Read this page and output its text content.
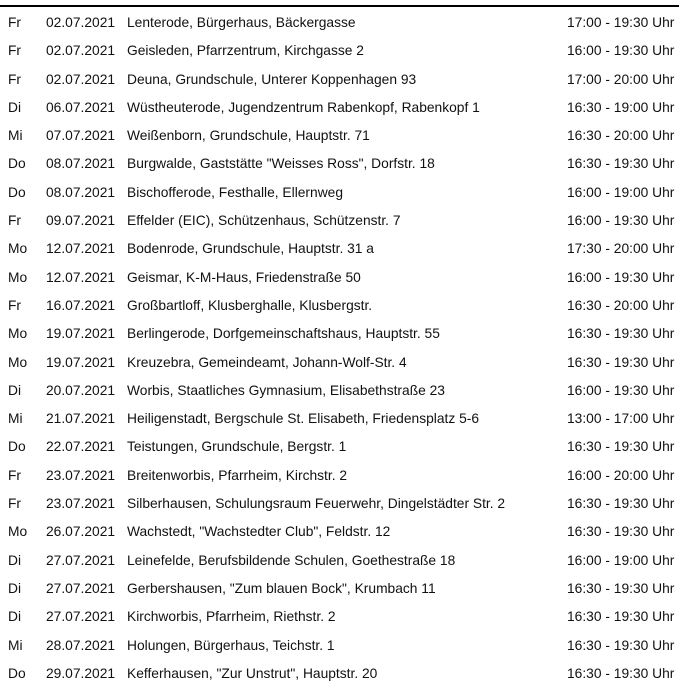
Fr 02.07.2021 Lenterode, Bürgerhaus, Bäckergasse	17:00 - 19:30 Uhr
Fr 02.07.2021 Geisleden, Pfarrzentrum, Kirchgasse 2	16:00 - 19:30 Uhr
Fr 02.07.2021 Deuna, Grundschule, Unterer Koppenhagen 93	17:00 - 20:00 Uhr
Di 06.07.2021 Wüstheuterode, Jugendzentrum Rabenkopf, Rabenkopf 1	16:30 - 19:00 Uhr
Mi 07.07.2021 Weißenborn, Grundschule, Hauptstr. 71	16:30 - 20:00 Uhr
Do 08.07.2021 Burgwalde, Gaststätte "Weisses Ross", Dorfstr. 18	16:30 - 19:30 Uhr
Do 08.07.2021 Bischofferode, Festhalle, Ellernweg	16:00 - 19:00 Uhr
Fr 09.07.2021 Effelder (EIC), Schützenhaus, Schützenstr. 7	16:00 - 19:30 Uhr
Mo 12.07.2021 Bodenrode, Grundschule, Hauptstr. 31 a	17:30 - 20:00 Uhr
Mo 12.07.2021 Geismar, K-M-Haus, Friedenstraße 50	16:00 - 19:30 Uhr
Fr 16.07.2021 Großbartloff, Klusberghalle, Klusbergstr.	16:30 - 20:00 Uhr
Mo 19.07.2021 Berlingerode, Dorfgemeinschaftshaus, Hauptstr. 55	16:30 - 19:30 Uhr
Mo 19.07.2021 Kreuzebra, Gemeindeamt, Johann-Wolf-Str. 4	16:30 - 19:30 Uhr
Di 20.07.2021 Worbis, Staatliches Gymnasium, Elisabethstraße 23	16:00 - 19:30 Uhr
Mi 21.07.2021 Heiligenstadt, Bergschule St. Elisabeth, Friedensplatz 5-6	13:00 - 17:00 Uhr
Do 22.07.2021 Teistungen, Grundschule, Bergstr. 1	16:30 - 19:30 Uhr
Fr 23.07.2021 Breitenworbis, Pfarrheim, Kirchstr. 2	16:00 - 20:00 Uhr
Fr 23.07.2021 Silberhausen, Schulungsraum Feuerwehr, Dingelstädter Str. 2	16:30 - 19:30 Uhr
Mo 26.07.2021 Wachstedt, "Wachstedter Club", Feldstr. 12	16:30 - 19:30 Uhr
Di 27.07.2021 Leinefelde, Berufsbildende Schulen, Goethestraße 18	16:00 - 19:00 Uhr
Di 27.07.2021 Gerbershausen, "Zum blauen Bock", Krumbach 11	16:30 - 19:30 Uhr
Di 27.07.2021 Kirchworbis, Pfarrheim, Riethstr. 2	16:30 - 19:30 Uhr
Mi 28.07.2021 Holungen, Bürgerhaus, Teichstr. 1	16:30 - 19:30 Uhr
Do 29.07.2021 Kefferhausen, "Zur Unstrut", Hauptstr. 20	16:30 - 19:30 Uhr
